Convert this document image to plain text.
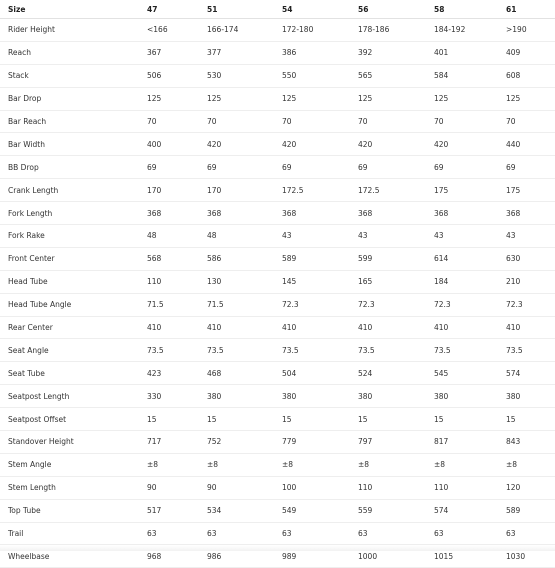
Size	47	51	54	56	58	61
Rider Height	<166	166-174	172-180	178-186	184-192	>190
Reach	367	377	386	392	401	409
Stack	506	530	550	565	584	608
Bar Drop	125	125	125	125	125	125
Bar Reach	70	70	70	70	70	70
Bar Width	400	420	420	420	420	440
BB Drop	69	69	69	69	69	69
Crank Length	170	170	172.5	172.5	175	175
Fork Length	368	368	368	368	368	368
Fork Rake	48	48	43	43	43	43
Front Center	568	586	589	599	614	630
Head Tube	110	130	145	165	184	210
Head Tube Angle	71.5	71.5	72.3	72.3	72.3	72.3
Rear Center	410	410	410	410	410	410
Seat Angle	73.5	73.5	73.5	73.5	73.5	73.5
Seat Tube	423	468	504	524	545	574
Seatpost Length	330	380	380	380	380	380
Seatpost Offset	15	15	15	15	15	15
Standover Height	717	752	779	797	817	843
Stem Angle	±8	±8	±8	±8	±8	±8
Stem Length	90	90	100	110	110	120
Top Tube	517	534	549	559	574	589
Trail	63	63	63	63	63	63
Wheelbase	968	986	989	1000	1015	1030
